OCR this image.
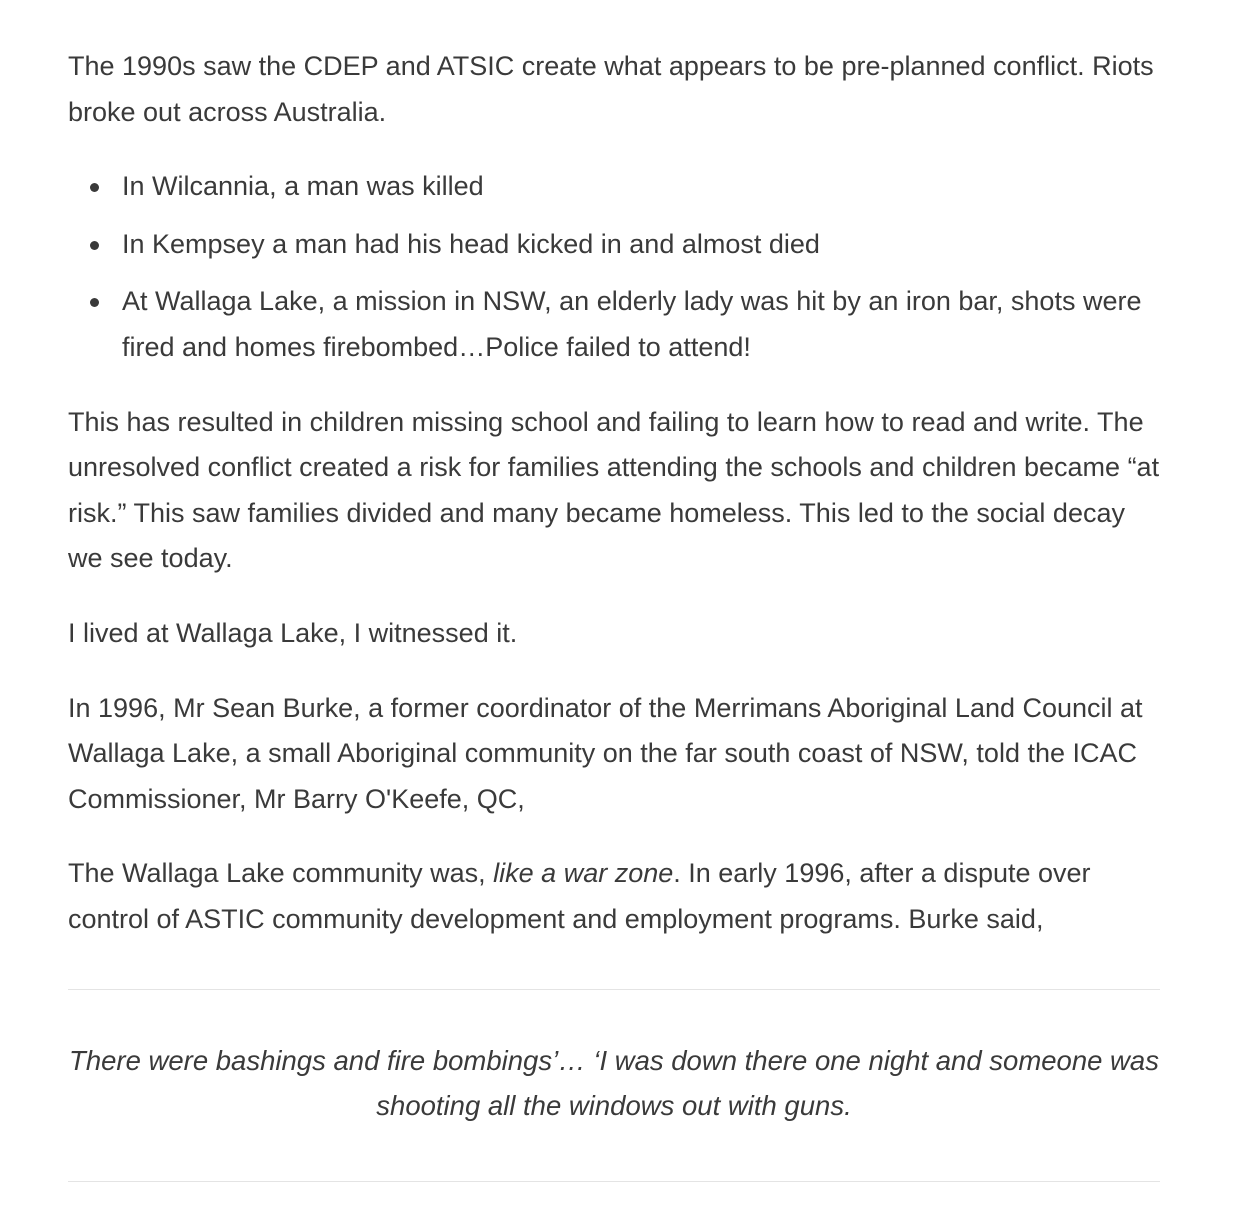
The 1990s saw the CDEP and ATSIC create what appears to be pre-planned conflict. Riots broke out across Australia.

In Wilcannia, a man was killed
In Kempsey a man had his head kicked in and almost died
At Wallaga Lake, a mission in NSW, an elderly lady was hit by an iron bar, shots were fired and homes firebombed…Police failed to attend!

This has resulted in children missing school and failing to learn how to read and write. The unresolved conflict created a risk for families attending the schools and children became “at risk.” This saw families divided and many became homeless. This led to the social decay we see today.

I lived at Wallaga Lake, I witnessed it.

In 1996, Mr Sean Burke, a former coordinator of the Merrimans Aboriginal Land Council at Wallaga Lake, a small Aboriginal community on the far south coast of NSW, told the ICAC Commissioner, Mr Barry O'Keefe, QC,

The Wallaga Lake community was, like a war zone. In early 1996, after a dispute over control of ASTIC community development and employment programs. Burke said,

There were bashings and fire bombings’… ‘I was down there one night and someone was shooting all the windows out with guns.
